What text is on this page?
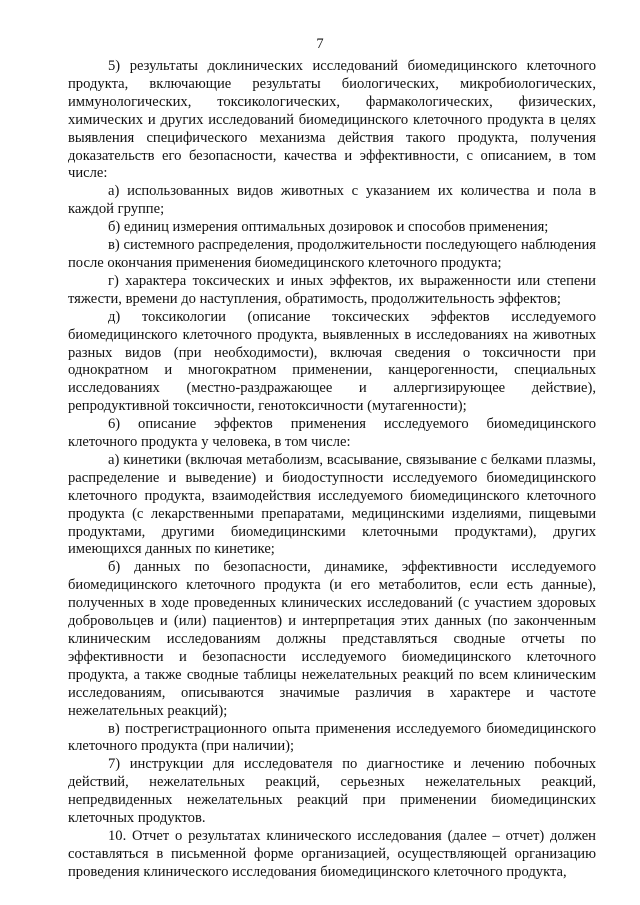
7

5) результаты доклинических исследований биомедицинского клеточного продукта, включающие результаты биологических, микробиологических, иммунологических, токсикологических, фармакологических, физических, химических и других исследований биомедицинского клеточного продукта в целях выявления специфического механизма действия такого продукта, получения доказательств его безопасности, качества и эффективности, с описанием, в том числе:

а) использованных видов животных с указанием их количества и пола в каждой группе;

б) единиц измерения оптимальных дозировок и способов применения;

в) системного распределения, продолжительности последующего наблюдения после окончания применения биомедицинского клеточного продукта;

г) характера токсических и иных эффектов, их выраженности или степени тяжести, времени до наступления, обратимость, продолжительность эффектов;

д) токсикологии (описание токсических эффектов исследуемого биомедицинского клеточного продукта, выявленных в исследованиях на животных разных видов (при необходимости), включая сведения о токсичности при однократном и многократном применении, канцерогенности, специальных исследованиях (местно-раздражающее и аллергизирующее действие), репродуктивной токсичности, генотоксичности (мутагенности);

6) описание эффектов применения исследуемого биомедицинского клеточного продукта у человека, в том числе:

а) кинетики (включая метаболизм, всасывание, связывание с белками плазмы, распределение и выведение) и биодоступности исследуемого биомедицинского клеточного продукта, взаимодействия исследуемого биомедицинского клеточного продукта (с лекарственными препаратами, медицинскими изделиями, пищевыми продуктами, другими биомедицинскими клеточными продуктами), других имеющихся данных по кинетике;

б) данных по безопасности, динамике, эффективности исследуемого биомедицинского клеточного продукта (и его метаболитов, если есть данные), полученных в ходе проведенных клинических исследований (с участием здоровых добровольцев и (или) пациентов) и интерпретация этих данных (по законченным клиническим исследованиям должны представляться сводные отчеты по эффективности и безопасности исследуемого биомедицинского клеточного продукта, а также сводные таблицы нежелательных реакций по всем клиническим исследованиям, описываются значимые различия в характере и частоте нежелательных реакций);

в) пострегистрационного опыта применения исследуемого биомедицинского клеточного продукта (при наличии);

7) инструкции для исследователя по диагностике и лечению побочных действий, нежелательных реакций, серьезных нежелательных реакций, непредвиденных нежелательных реакций при применении биомедицинских клеточных продуктов.

10. Отчет о результатах клинического исследования (далее – отчет) должен составляться в письменной форме организацией, осуществляющей организацию проведения клинического исследования биомедицинского клеточного продукта,
